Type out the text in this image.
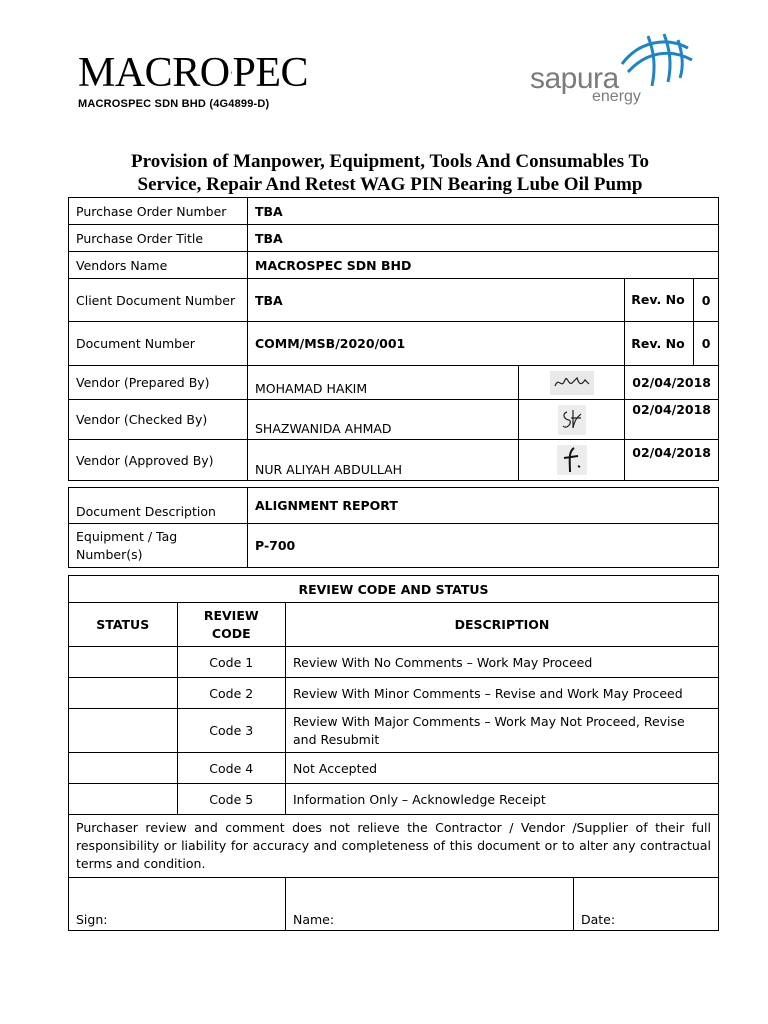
MACRO PEC
MACROSPEC SDN BHD (4G4899-D)
sapura
energy
Provision of Manpower, Equipment, Tools And Consumables To
Service, Repair And Retest WAG PIN Bearing Lube Oil Pump
Purchase Order Number	TBA			
Purchase Order Title	TBA			
Vendors Name	MACROSPEC SDN BHD			
Client Document Number	TBA		Rev. No	0
Document Number	COMM/MSB/2020/001		Rev. No	0
Vendor (Prepared By)	MOHAMAD HAKIM		02/04/2018	
Vendor (Checked By)	SHAZWANIDA AHMAD		02/04/2018	
Vendor (Approved By)	NUR ALIYAH ABDULLAH		02/04/2018	
Document Description	ALIGNMENT REPORT
Equipment / Tag Number(s)	P-700
REVIEW CODE AND STATUS			
STATUS	REVIEW CODE	DESCRIPTION	
	Code 1	Review With No Comments – Work May Proceed	
	Code 2	Review With Minor Comments – Revise and Work May Proceed	
	Code 3	Review With Major Comments – Work May Not Proceed, Revise and Resubmit	
	Code 4	Not Accepted	
	Code 5	Information Only – Acknowledge Receipt	
Purchaser review and comment does not relieve the Contractor / Vendor /Supplier of their full responsibility or liability for accuracy and completeness of this document or to alter any contractual terms and condition.			
Sign:		Name:	Date:
